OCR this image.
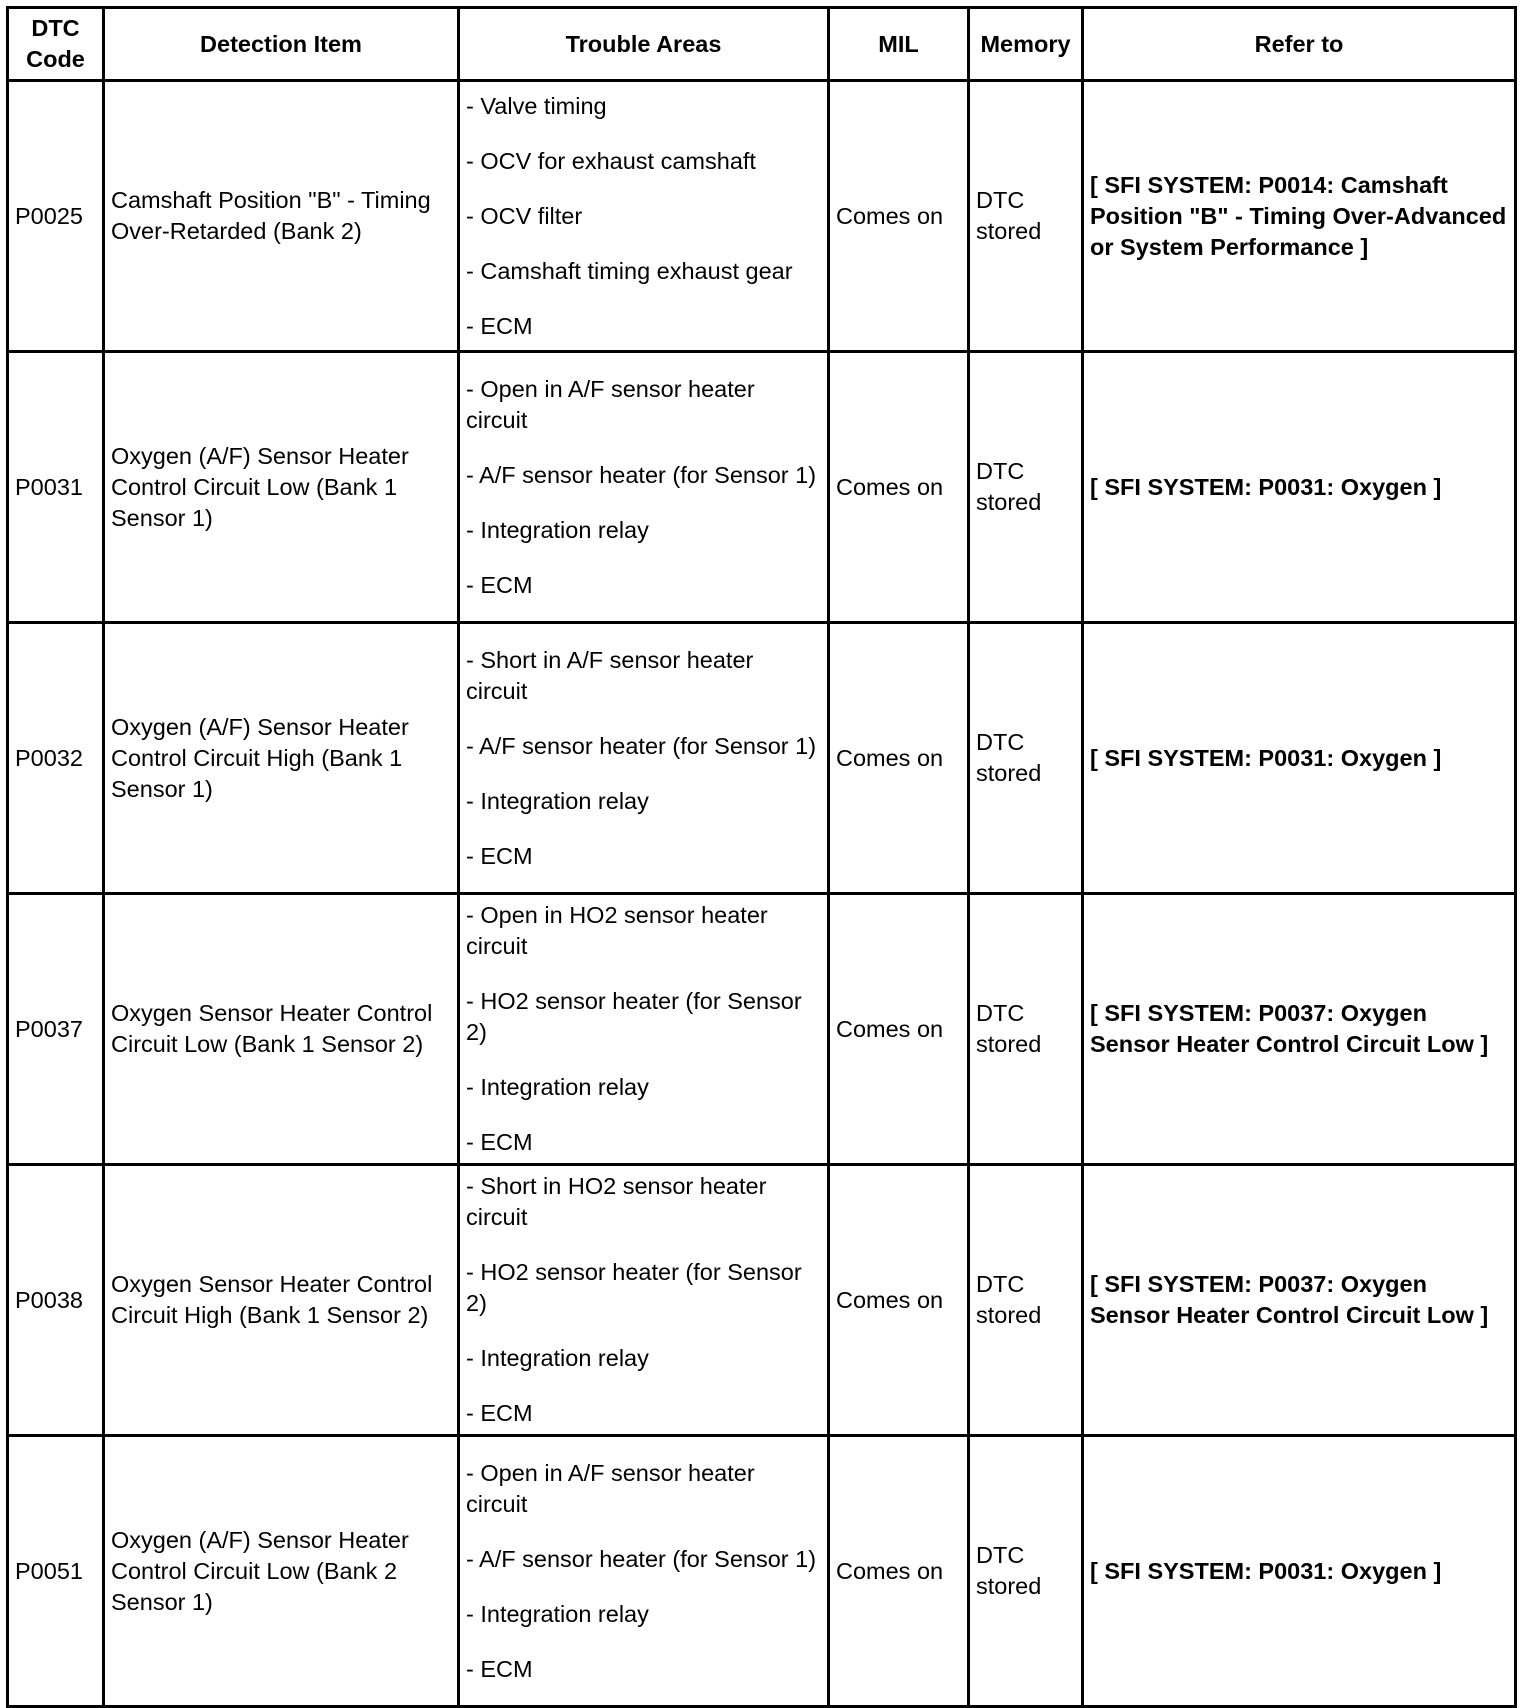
DTC Code	Detection Item	Trouble Areas	MIL	Memory	Refer to
P0025	Camshaft Position "B" - Timing Over-Retarded (Bank 2)	- Valve timing
- OCV for exhaust camshaft
- OCV filter
- Camshaft timing exhaust gear
- ECM	Comes on	DTC stored	[ SFI SYSTEM: P0014: Camshaft Position "B" - Timing Over-Advanced or System Performance ]
P0031	Oxygen (A/F) Sensor Heater Control Circuit Low (Bank 1 Sensor 1)	- Open in A/F sensor heater circuit
- A/F sensor heater (for Sensor 1)
- Integration relay
- ECM	Comes on	DTC stored	[ SFI SYSTEM: P0031: Oxygen ]
P0032	Oxygen (A/F) Sensor Heater Control Circuit High (Bank 1 Sensor 1)	- Short in A/F sensor heater circuit
- A/F sensor heater (for Sensor 1)
- Integration relay
- ECM	Comes on	DTC stored	[ SFI SYSTEM: P0031: Oxygen ]
P0037	Oxygen Sensor Heater Control Circuit Low (Bank 1 Sensor 2)	- Open in HO2 sensor heater circuit
- HO2 sensor heater (for Sensor 2)
- Integration relay
- ECM	Comes on	DTC stored	[ SFI SYSTEM: P0037: Oxygen Sensor Heater Control Circuit Low ]
P0038	Oxygen Sensor Heater Control Circuit High (Bank 1 Sensor 2)	- Short in HO2 sensor heater circuit
- HO2 sensor heater (for Sensor 2)
- Integration relay
- ECM	Comes on	DTC stored	[ SFI SYSTEM: P0037: Oxygen Sensor Heater Control Circuit Low ]
P0051	Oxygen (A/F) Sensor Heater Control Circuit Low (Bank 2 Sensor 1)	- Open in A/F sensor heater circuit
- A/F sensor heater (for Sensor 1)
- Integration relay
- ECM	Comes on	DTC stored	[ SFI SYSTEM: P0031: Oxygen ]
